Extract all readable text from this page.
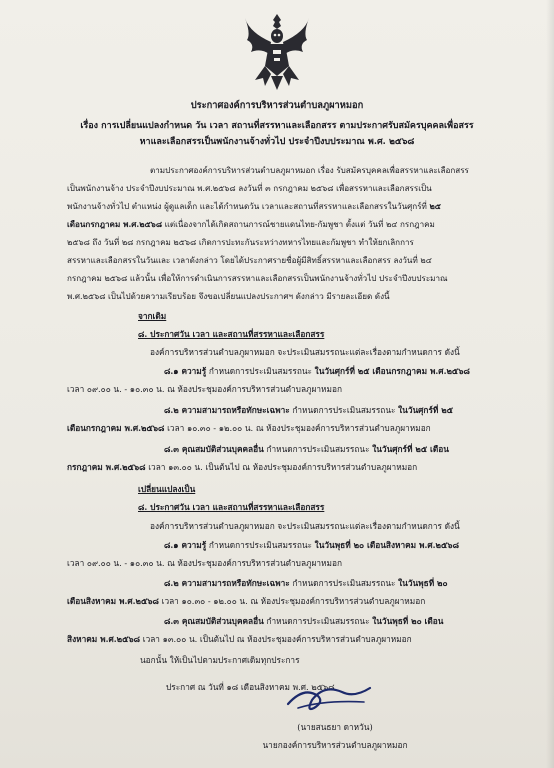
ประกาศองค์การบริหารส่วนตำบลภูผาหมอก
เรื่อง การเปลี่ยนแปลงกำหนด วัน เวลา สถานที่สรรหาและเลือกสรร ตามประกาศรับสมัครบุคคลเพื่อสรร
หาและเลือกสรรเป็นพนักงานจ้างทั่วไป ประจำปีงบประมาณ พ.ศ. ๒๕๖๘
ตามประกาศองค์การบริหารส่วนตำบลภูผาหมอก เรื่อง รับสมัครบุคคลเพื่อสรรหาและเลือกสรร
เป็นพนักงานจ้าง ประจำปีงบประมาณ พ.ศ.๒๕๖๘ ลงวันที่ ๓ กรกฎาคม ๒๕๖๘ เพื่อสรรหาและเลือกสรรเป็น
พนักงานจ้างทั่วไป ตำแหน่ง ผู้ดูแลเด็ก และได้กำหนดวัน เวลาและสถานที่สรรหาและเลือกสรรในวันศุกร์ที่ ๒๕
เดือนกรกฎาคม พ.ศ.๒๕๖๘ แต่เนื่องจากได้เกิดสถานการณ์ชายแดนไทย-กัมพูชา ตั้งแต่ วันที่ ๒๔ กรกฎาคม
๒๕๖๘ ถึง วันที่ ๒๘ กรกฎาคม ๒๕๖๘ เกิดการปะทะกันระหว่างทหารไทยและกัมพูชา ทำให้ยกเลิกการ
สรรหาและเลือกสรรในวันและ เวลาดังกล่าว โดยได้ประกาศรายชื่อผู้มีสิทธิ์สรรหาและเลือกสรร ลงวันที่ ๒๔
กรกฎาคม ๒๕๖๘ แล้วนั้น เพื่อให้การดำเนินการสรรหาและเลือกสรรเป็นพนักงานจ้างทั่วไป ประจำปีงบประมาณ
พ.ศ.๒๕๖๘ เป็นไปด้วยความเรียบร้อย จึงขอเปลี่ยนแปลงประกาศฯ ดังกล่าว มีรายละเอียด ดังนี้
จากเดิม
๘. ประกาศวัน เวลา และสถานที่สรรหาและเลือกสรร
องค์การบริหารส่วนตำบลภูผาหมอก จะประเมินสมรรถนะแต่ละเรื่องตามกำหนดการ ดังนี้
๘.๑ ความรู้ กำหนดการประเมินสมรรถนะ ในวันศุกร์ที่ ๒๕ เดือนกรกฎาคม พ.ศ.๒๕๖๘
เวลา ๐๙.๐๐ น. - ๑๐.๓๐ น. ณ ห้องประชุมองค์การบริหารส่วนตำบลภูผาหมอก
๘.๒ ความสามารถหรือทักษะเฉพาะ กำหนดการประเมินสมรรถนะ ในวันศุกร์ที่ ๒๕
เดือนกรกฎาคม พ.ศ.๒๕๖๘ เวลา ๑๐.๓๐ - ๑๒.๐๐ น. ณ ห้องประชุมองค์การบริหารส่วนตำบลภูผาหมอก
๘.๓ คุณสมบัติส่วนบุคคลอื่น กำหนดการประเมินสมรรถนะ ในวันศุกร์ที่ ๒๕ เดือน
กรกฎาคม พ.ศ.๒๕๖๘ เวลา ๑๓.๐๐ น. เป็นต้นไป ณ ห้องประชุมองค์การบริหารส่วนตำบลภูผาหมอก
เปลี่ยนแปลงเป็น
๘. ประกาศวัน เวลา และสถานที่สรรหาและเลือกสรร
องค์การบริหารส่วนตำบลภูผาหมอก จะประเมินสมรรถนะแต่ละเรื่องตามกำหนดการ ดังนี้
๘.๑ ความรู้ กำหนดการประเมินสมรรถนะ ในวันพุธที่ ๒๐ เดือนสิงหาคม พ.ศ.๒๕๖๘
เวลา ๐๙.๐๐ น. - ๑๐.๓๐ น. ณ ห้องประชุมองค์การบริหารส่วนตำบลภูผาหมอก
๘.๒ ความสามารถหรือทักษะเฉพาะ กำหนดการประเมินสมรรถนะ ในวันพุธที่ ๒๐
เดือนสิงหาคม พ.ศ.๒๕๖๘ เวลา ๑๐.๓๐ - ๑๒.๐๐ น. ณ ห้องประชุมองค์การบริหารส่วนตำบลภูผาหมอก
๘.๓ คุณสมบัติส่วนบุคคลอื่น กำหนดการประเมินสมรรถนะ ในวันพุธที่ ๒๐ เดือน
สิงหาคม พ.ศ.๒๕๖๘ เวลา ๑๓.๐๐ น. เป็นต้นไป ณ ห้องประชุมองค์การบริหารส่วนตำบลภูผาหมอก
นอกนั้น ให้เป็นไปตามประกาศเดิมทุกประการ
ประกาศ ณ วันที่ ๑๘ เดือนสิงหาคม พ.ศ. ๒๕๖๘
(นายสนธยา ดาหวัน)
นายกองค์การบริหารส่วนตำบลภูผาหมอก
